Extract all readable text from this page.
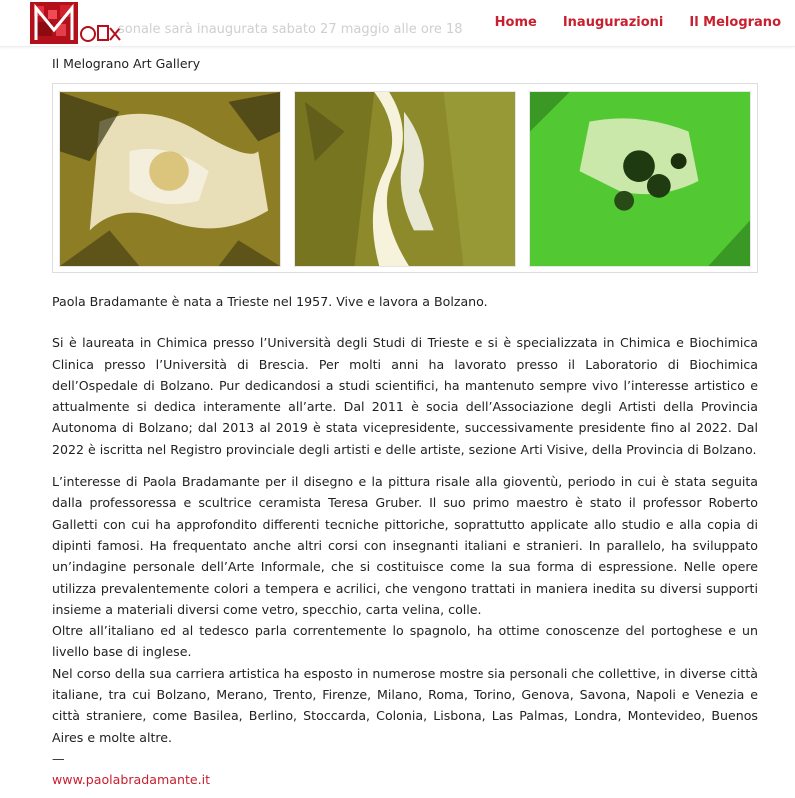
sonale sarà inaugurata sabato 27 maggio alle ore 18 Home Inaugurazioni Il Melograno
Il Melograno Art Gallery

Paola Bradamante è nata a Trieste nel 1957. Vive e lavora a Bolzano.

Si è laureata in Chimica presso l’Università degli Studi di Trieste e si è specializzata in Chimica e Biochimica Clinica presso l’Università di Brescia. Per molti anni ha lavorato presso il Laboratorio di Biochimica dell’Ospedale di Bolzano. Pur dedicandosi a studi scientifici, ha mantenuto sempre vivo l’interesse artistico e attualmente si dedica interamente all’arte. Dal 2011 è socia dell’Associazione degli Artisti della Provincia Autonoma di Bolzano; dal 2013 al 2019 è stata vicepresidente, successivamente presidente fino al 2022. Dal 2022 è iscritta nel Registro provinciale degli artisti e delle artiste, sezione Arti Visive, della Provincia di Bolzano.

L’interesse di Paola Bradamante per il disegno e la pittura risale alla gioventù, periodo in cui è stata seguita dalla professoressa e scultrice ceramista Teresa Gruber. Il suo primo maestro è stato il professor Roberto Galletti con cui ha approfondito differenti tecniche pittoriche, soprattutto applicate allo studio e alla copia di dipinti famosi. Ha frequentato anche altri corsi con insegnanti italiani e stranieri. In parallelo, ha sviluppato un’indagine personale dell’Arte Informale, che si costituisce come la sua forma di espressione. Nelle opere utilizza prevalentemente colori a tempera e acrilici, che vengono trattati in maniera inedita su diversi supporti insieme a materiali diversi come vetro, specchio, carta velina, colle.

Oltre all’italiano ed al tedesco parla correntemente lo spagnolo, ha ottime conoscenze del portoghese e un livello base di inglese.

Nel corso della sua carriera artistica ha esposto in numerose mostre sia personali che collettive, in diverse città italiane, tra cui Bolzano, Merano, Trento, Firenze, Milano, Roma, Torino, Genova, Savona, Napoli e Venezia e città straniere, come Basilea, Berlino, Stoccarda, Colonia, Lisbona, Las Palmas, Londra, Montevideo, Buenos Aires e molte altre.

—

www.paolabradamante.it
